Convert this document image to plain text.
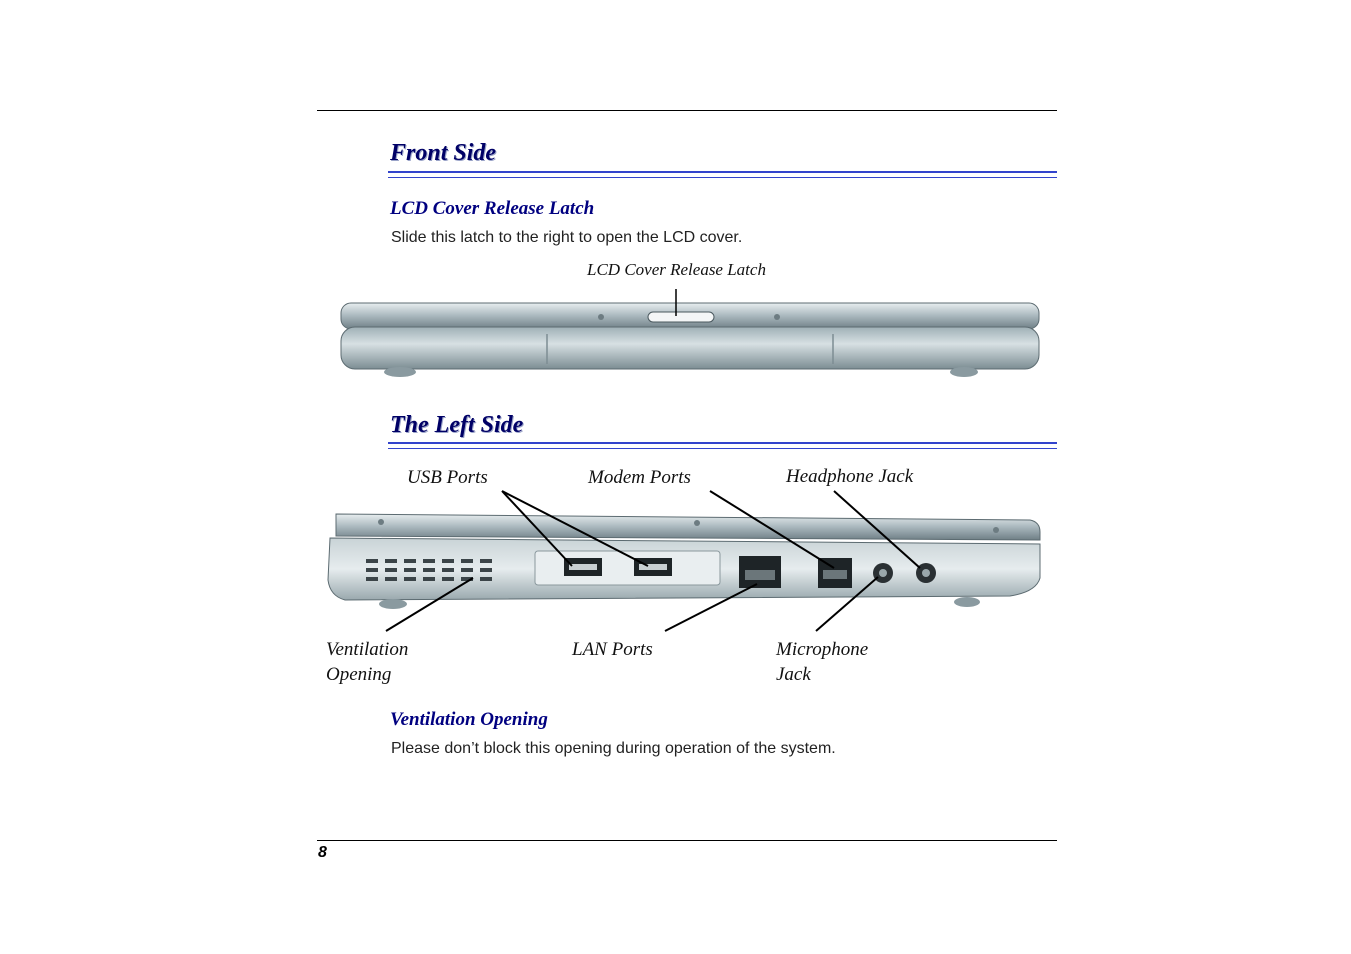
Front Side
LCD Cover Release Latch

Slide this latch to the right to open the LCD cover.

LCD Cover Release Latch
USB Ports	Modem Ports	Headphone Jack
Ventilation
Opening
LAN Ports	Microphone
Jack
The Left Side
Ventilation Opening

Please don’t block this opening during operation of the system.

8
